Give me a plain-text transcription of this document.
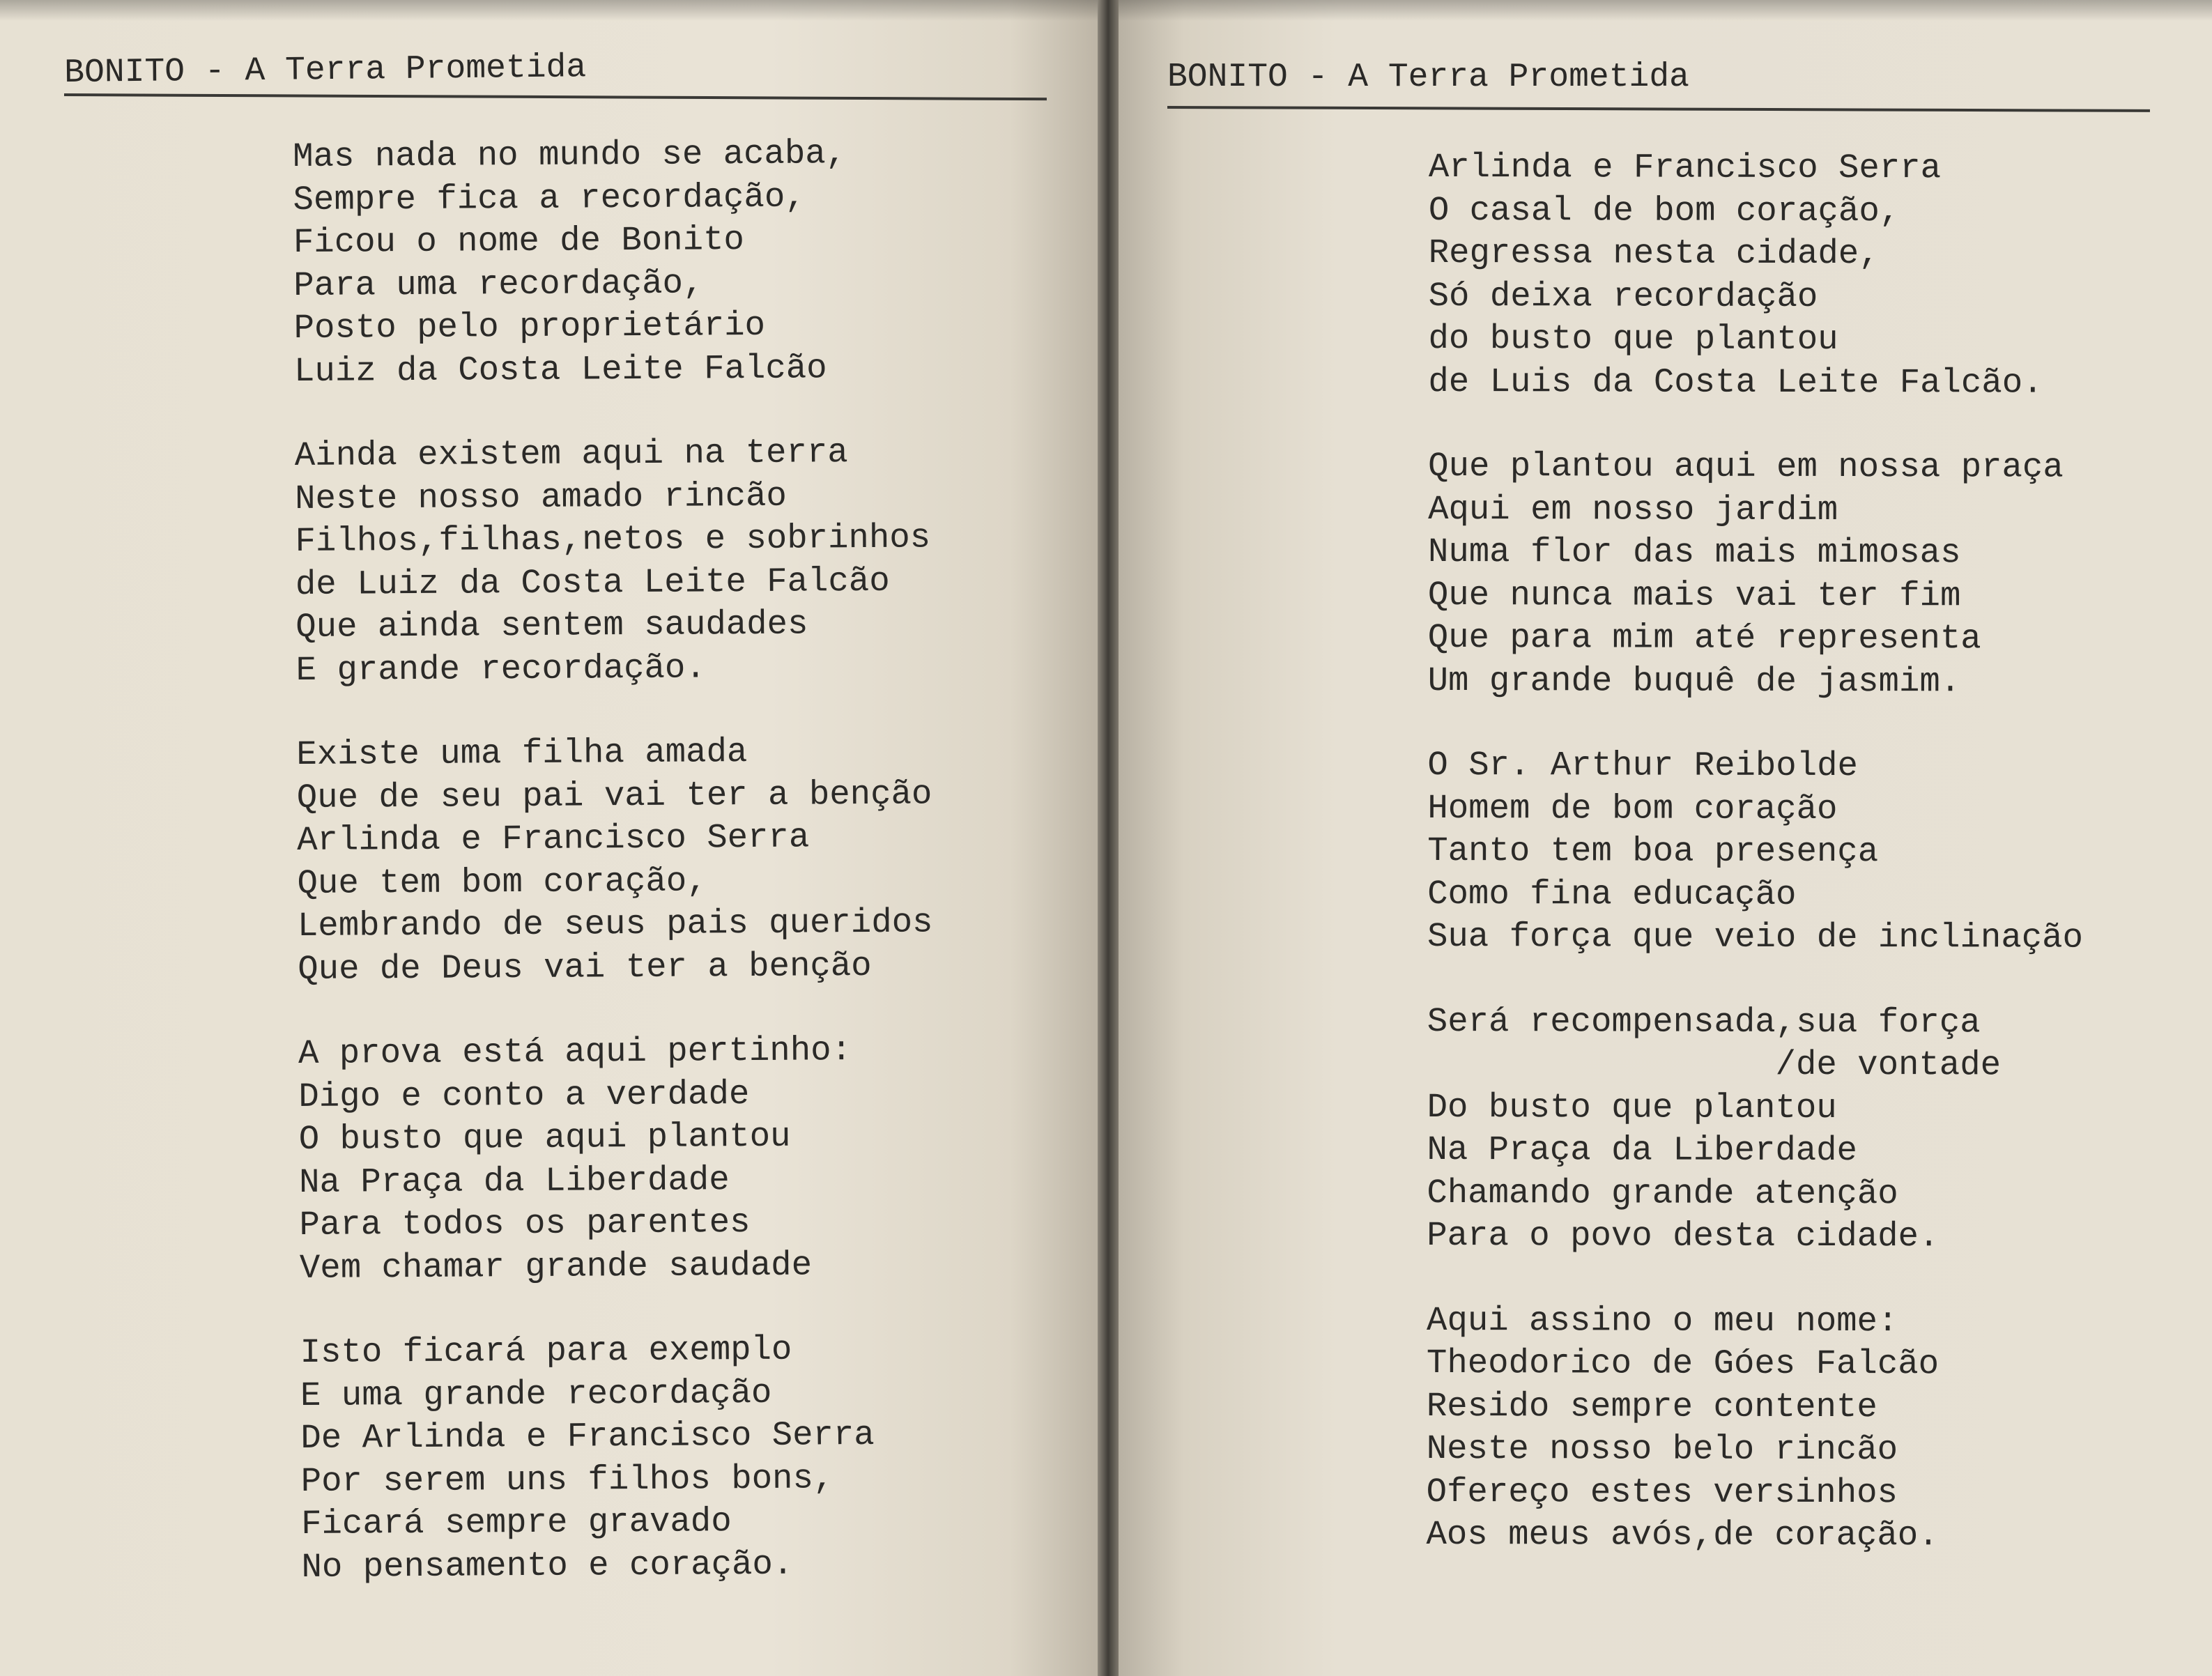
BONITO - A Terra Prometida
Mas nada no mundo se acaba,
Sempre fica a recordação,
Ficou o nome de Bonito
Para uma recordação,
Posto pelo proprietário
Luiz da Costa Leite Falcão
Ainda existem aqui na terra
Neste nosso amado rincão
Filhos,filhas,netos e sobrinhos
de Luiz da Costa Leite Falcão
Que ainda sentem saudades
E grande recordação.
Existe uma filha amada
Que de seu pai vai ter a benção
Arlinda e Francisco Serra
Que tem bom coração,
Lembrando de seus pais queridos
Que de Deus vai ter a benção
A prova está aqui pertinho:
Digo e conto a verdade
O busto que aqui plantou
Na Praça da Liberdade
Para todos os parentes
Vem chamar grande saudade
Isto ficará para exemplo
E uma grande recordação
De Arlinda e Francisco Serra
Por serem uns filhos bons,
Ficará sempre gravado
No pensamento e coração.
BONITO - A Terra Prometida
Arlinda e Francisco Serra
O casal de bom coração,
Regressa nesta cidade,
Só deixa recordação
do busto que plantou
de Luis da Costa Leite Falcão.
Que plantou aqui em nossa praça
Aqui em nosso jardim
Numa flor das mais mimosas
Que nunca mais vai ter fim
Que para mim até representa
Um grande buquê de jasmim.
O Sr. Arthur Reibolde
Homem de bom coração
Tanto tem boa presença
Como fina educação
Sua força que veio de inclinação
Será recompensada,sua força
/de vontade
Do busto que plantou
Na Praça da Liberdade
Chamando grande atenção
Para o povo desta cidade.
Aqui assino o meu nome:
Theodorico de Góes Falcão
Resido sempre contente
Neste nosso belo rincão
Ofereço estes versinhos
Aos meus avós,de coração.
